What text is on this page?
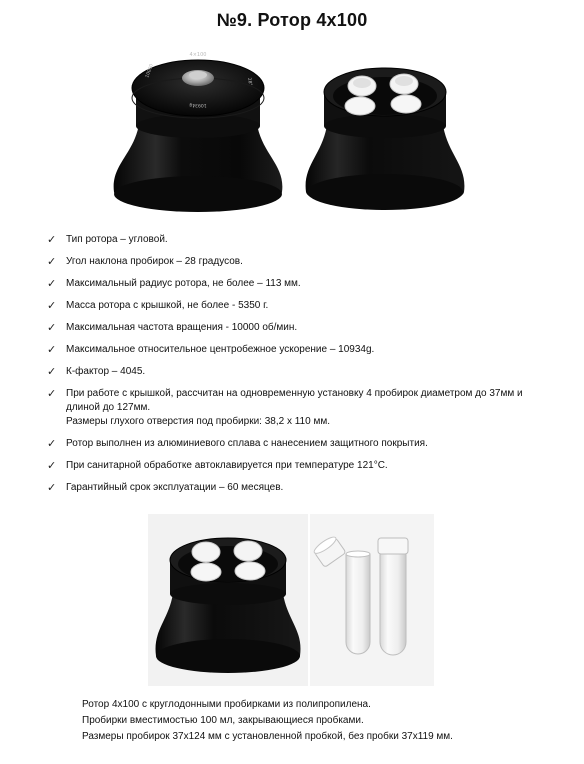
№9. Ротор 4х100
4×100
10000
10934g
28°
✓ Тип ротора – угловой.
✓ Угол наклона пробирок – 28 градусов.
✓ Максимальный радиус ротора, не более – 113 мм.
✓ Масса ротора с крышкой, не более - 5350 г.
✓ Максимальная частота вращения - 10000 об/мин.
✓ Максимальное относительное центробежное ускорение – 10934g.
✓ К-фактор – 4045.
✓ При работе с крышкой, рассчитан на одновременную установку 4 пробирок диаметром до 37мм и длиной до 127мм.
Размеры глухого отверстия под пробирки: 38,2 х 110 мм.
✓ Ротор выполнен из алюминиевого сплава с нанесением защитного покрытия.
✓ При санитарной обработке автоклавируется при температуре 121°C.
✓ Гарантийный срок эксплуатации – 60 месяцев.
Ротор 4х100 с круглодонными пробирками из полипропилена.
Пробирки вместимостью 100 мл, закрывающиеся пробками.
Размеры пробирок 37х124 мм с установленной пробкой, без пробки 37х119 мм.
